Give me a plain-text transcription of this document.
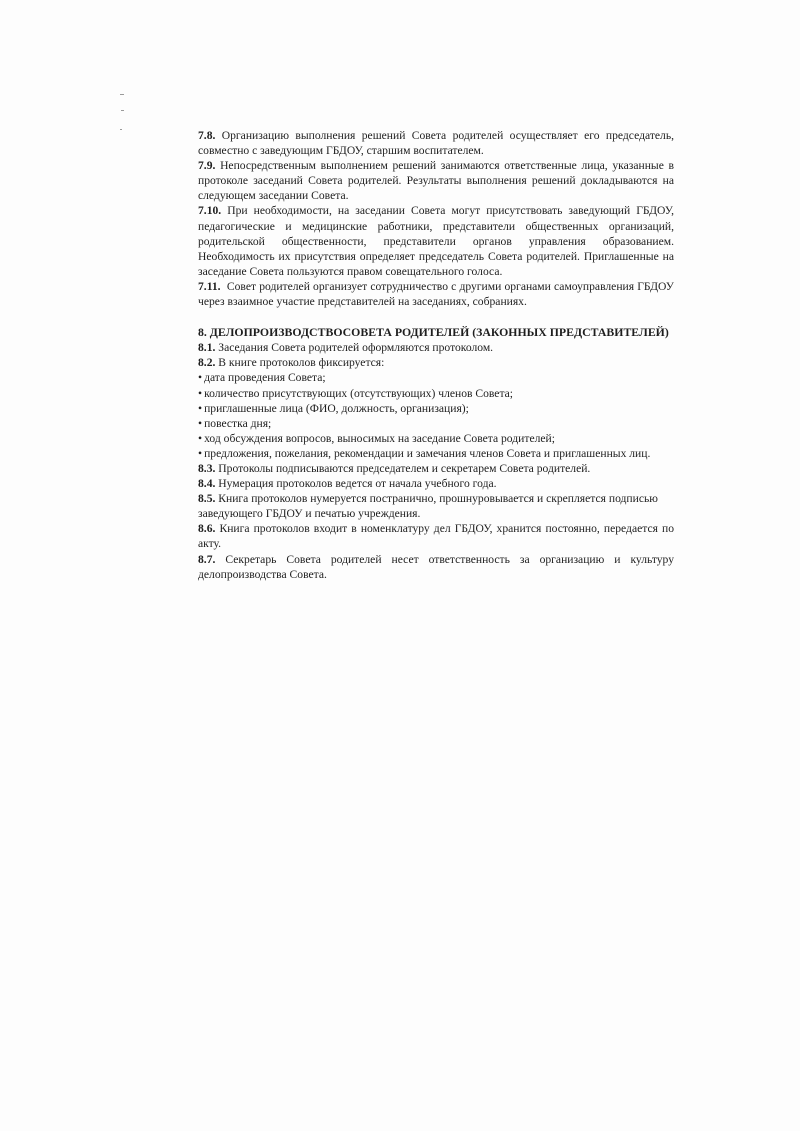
7.8. Организацию выполнения решений Совета родителей осуществляет его председатель, совместно с заведующим ГБДОУ, старшим воспитателем.

7.9. Непосредственным выполнением решений занимаются ответственные лица, указанные в протоколе заседаний Совета родителей. Результаты выполнения решений докладываются на следующем заседании Совета.

7.10. При необходимости, на заседании Совета могут присутствовать заведующий ГБДОУ, педагогические и медицинские работники, представители общественных организаций, родительской общественности, представители органов управления образованием. Необходимость их присутствия определяет председатель Совета родителей. Приглашенные на заседание Совета пользуются правом совещательного голоса.

7.11.  Совет родителей организует сотрудничество с другими органами самоуправления ГБДОУ через взаимное участие представителей на заседаниях, собраниях.

8. ДЕЛОПРОИЗВОДСТВОСОВЕТА РОДИТЕЛЕЙ (ЗАКОННЫХ ПРЕДСТАВИТЕЛЕЙ)

8.1. Заседания Совета родителей оформляются протоколом.

8.2. В книге протоколов фиксируется:

• дата проведения Совета;

• количество присутствующих (отсутствующих) членов Совета;

• приглашенные лица (ФИО, должность, организация);

• повестка дня;

• ход обсуждения вопросов, выносимых на заседание Совета родителей;

• предложения, пожелания, рекомендации и замечания членов Совета и приглашенных лиц.

8.3. Протоколы подписываются председателем и секретарем Совета родителей.

8.4. Нумерация протоколов ведется от начала учебного года.

8.5. Книга протоколов нумеруется постранично, прошнуровывается и скрепляется подписью заведующего ГБДОУ и печатью учреждения.

8.6. Книга протоколов входит в номенклатуру дел ГБДОУ, хранится постоянно, передается по акту.

8.7. Секретарь Совета родителей несет ответственность за организацию и культуру делопроизводства Совета.
